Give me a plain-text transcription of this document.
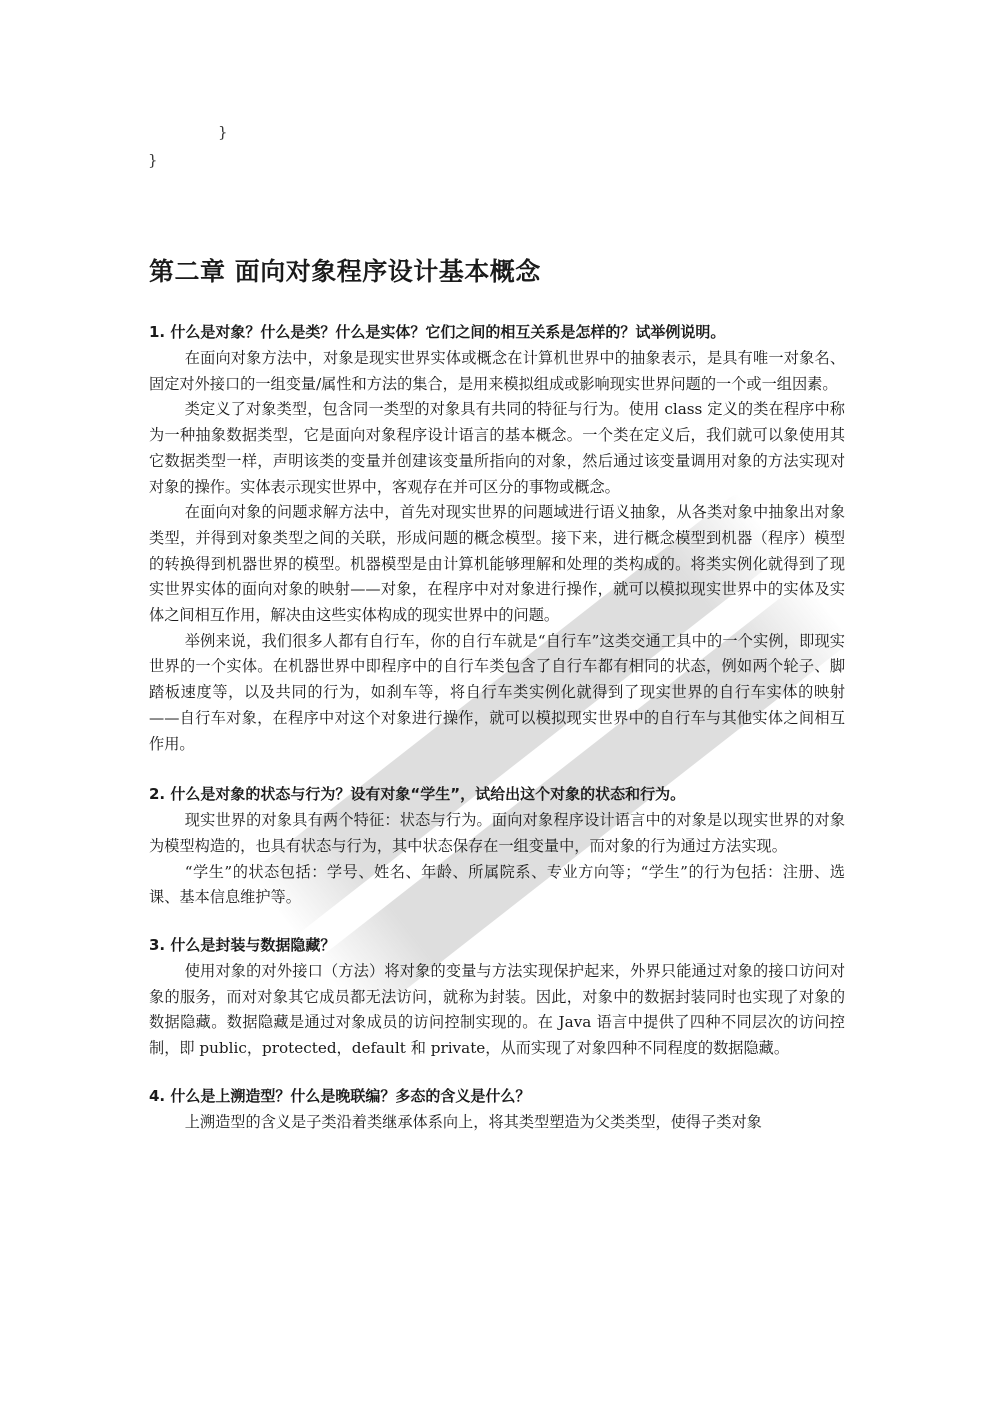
}
}
第二章 面向对象程序设计基本概念

1. 什么是对象？什么是类？什么是实体？它们之间的相互关系是怎样的？试举例说明。

在面向对象方法中，对象是现实世界实体或概念在计算机世界中的抽象表示，是具有唯一对象名、固定对外接口的一组变量/属性和方法的集合，是用来模拟组成或影响现实世界问题的一个或一组因素。

类定义了对象类型，包含同一类型的对象具有共同的特征与行为。使用 class 定义的类在程序中称为一种抽象数据类型，它是面向对象程序设计语言的基本概念。一个类在定义后，我们就可以象使用其它数据类型一样，声明该类的变量并创建该变量所指向的对象，然后通过该变量调用对象的方法实现对对象的操作。实体表示现实世界中，客观存在并可区分的事物或概念。

在面向对象的问题求解方法中，首先对现实世界的问题域进行语义抽象，从各类对象中抽象出对象类型，并得到对象类型之间的关联，形成问题的概念模型。接下来，进行概念模型到机器（程序）模型的转换得到机器世界的模型。机器模型是由计算机能够理解和处理的类构成的。将类实例化就得到了现实世界实体的面向对象的映射——对象，在程序中对对象进行操作，就可以模拟现实世界中的实体及实体之间相互作用，解决由这些实体构成的现实世界中的问题。

举例来说，我们很多人都有自行车，你的自行车就是“自行车”这类交通工具中的一个实例，即现实世界的一个实体。在机器世界中即程序中的自行车类包含了自行车都有相同的状态，例如两个轮子、脚踏板速度等，以及共同的行为，如刹车等，将自行车类实例化就得到了现实世界的自行车实体的映射——自行车对象，在程序中对这个对象进行操作，就可以模拟现实世界中的自行车与其他实体之间相互作用。

2. 什么是对象的状态与行为？设有对象“学生”，试给出这个对象的状态和行为。

现实世界的对象具有两个特征：状态与行为。面向对象程序设计语言中的对象是以现实世界的对象为模型构造的，也具有状态与行为，其中状态保存在一组变量中，而对象的行为通过方法实现。

“学生”的状态包括：学号、姓名、年龄、所属院系、专业方向等；“学生”的行为包括：注册、选课、基本信息维护等。

3. 什么是封装与数据隐藏？

使用对象的对外接口（方法）将对象的变量与方法实现保护起来，外界只能通过对象的接口访问对象的服务，而对对象其它成员都无法访问，就称为封装。因此，对象中的数据封装同时也实现了对象的数据隐藏。数据隐藏是通过对象成员的访问控制实现的。在 Java 语言中提供了四种不同层次的访问控制，即 public，protected，default 和 private，从而实现了对象四种不同程度的数据隐藏。

4. 什么是上溯造型？什么是晚联编？多态的含义是什么？

上溯造型的含义是子类沿着类继承体系向上，将其类型塑造为父类类型，使得子类对象
